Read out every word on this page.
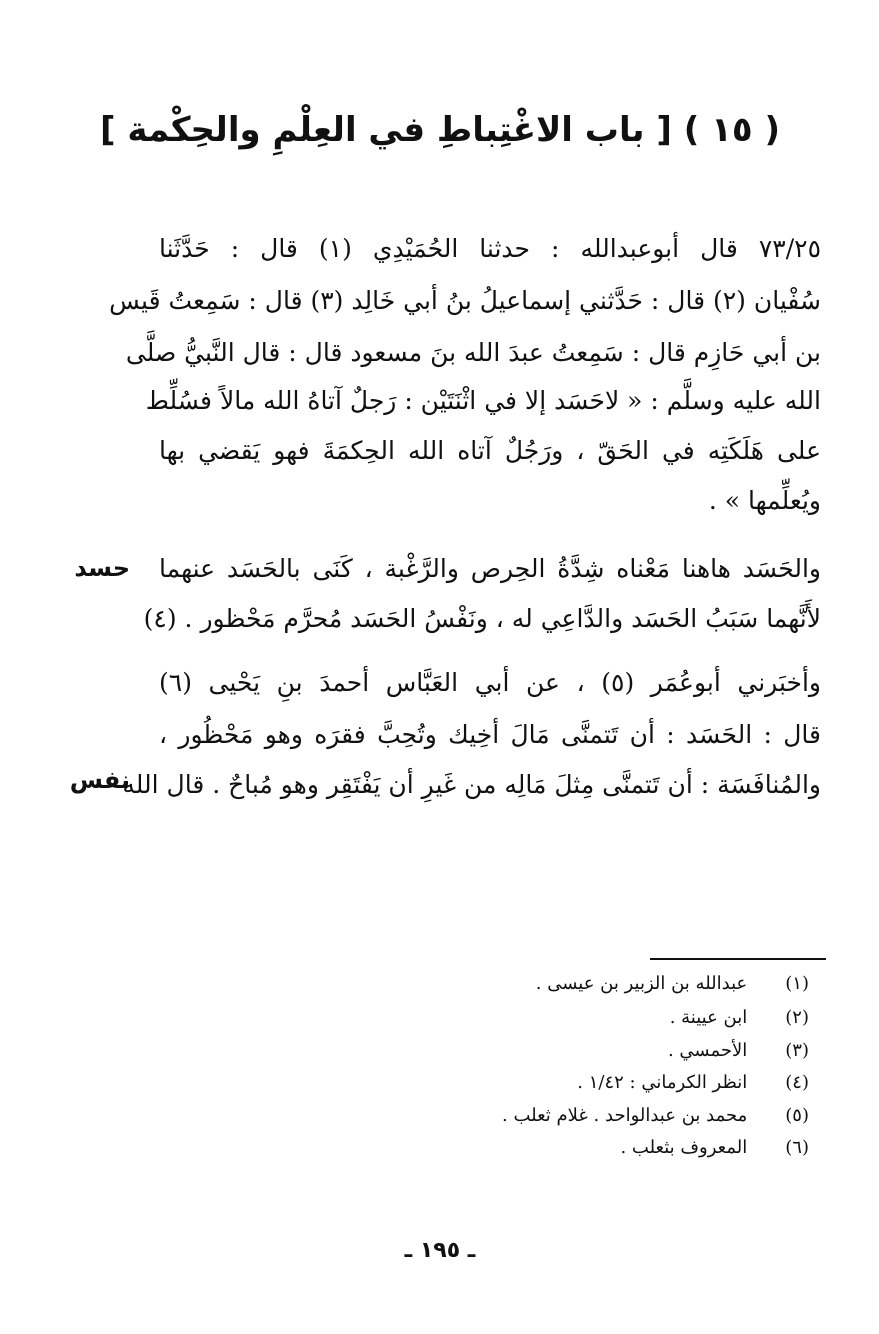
( ١٥ ) [ باب الاغْتِباطِ في العِلْمِ والحِكْمة ]
٧٣/٢٥ قال أبوعبدالله : حدثنا الحُمَيْدِي (١) قال : حَدَّثَنا
سُفْيان (٢) قال : حَدَّثني إسماعيلُ بنُ أبي خَالِد (٣) قال : سَمِعتُ قَيس
بن أبي حَازِم قال : سَمِعتُ عبدَ الله بنَ مسعود قال : قال النَّبيُّ صلَّى
الله عليه وسلَّم : « لاحَسَد إلا في اثْنَتَيْن : رَجلٌ آتاهُ الله مالاً فسُلِّط
على هَلَكَتِه في الحَقّ ، ورَجُلٌ آتاه الله الحِكمَةَ فهو يَقضي بها
ويُعلِّمها » .
والحَسَد هاهنا مَعْناه شِدَّةُ الحِرص والرَّغْبة ، كَنَى بالحَسَد عنهما
لأَنَّهما سَبَبُ الحَسَد والدَّاعِي له ، ونَفْسُ الحَسَد مُحرَّم مَحْظور . (٤)
وأخبَرني أبوعُمَر (٥) ، عن أبي العَبَّاس أحمدَ بنِ يَحْيى (٦)
قال : الحَسَد : أن تَتمنَّى مَالَ أخِيك وتُحِبَّ فقرَه وهو مَحْظُور ،
والمُنافَسَة : أن تَتمنَّى مِثلَ مَالِه من غَيرِ أن يَفْتَقِر وهو مُباحٌ . قال الله
حسد
نفس
(١) عبدالله بن الزبير بن عيسى .
(٢) ابن عيينة .
(٣) الأحمسي .
(٤) انظر الكرماني : ١/٤٢ .
(٥) محمد بن عبدالواحد . غلام ثعلب .
(٦) المعروف بثعلب .
ـ ١٩٥ ـ
